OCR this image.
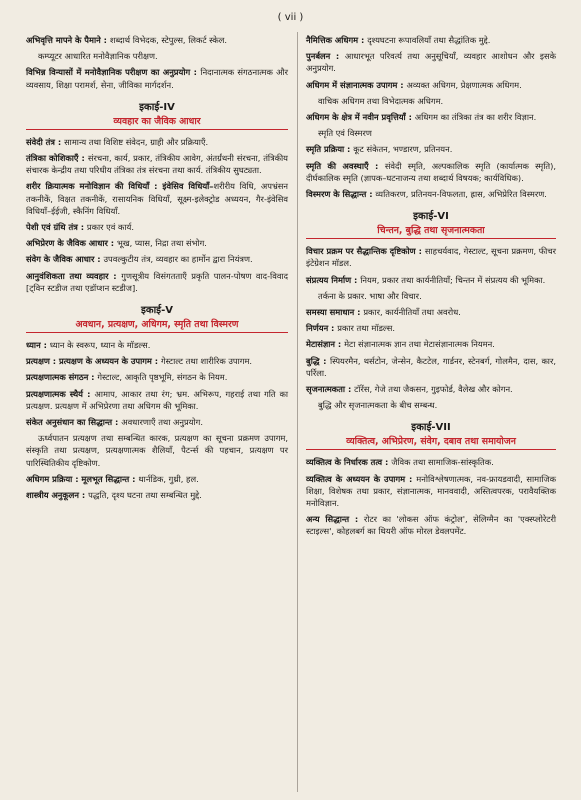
( vii )
अभिवृत्ति मापने के पैमाने : शब्दार्थ विभेदक, स्टेपुल्स, लिकर्ट स्केल.
कम्प्यूटर आधारित मनोवैज्ञानिक परीक्षण.
विभिन्न विन्यासों में मनोवैज्ञानिक परीक्षण का अनुप्रयोग : निदानात्मक संगठनात्मक और व्यवसाय, शिक्षा परामर्श, सेना, जीविका मार्गदर्शन.
इकाई-IV
व्यवहार का जैविक आधार
संवेदी तंत्र : सामान्य तथा विशिष्ट संवेदन, ग्राही और प्रक्रियाएँ.
तंत्रिका कोशिकाएँ : संरचना, कार्य, प्रकार, तंत्रिकीय आवेग, अंतर्ग्रंथनी संरचना, तंत्रिकीय संचारक केन्द्रीय तथा परिधीय तंत्रिका तंत्र संरचना तथा कार्य. तंत्रिकीय सुघट्यता.
शरीर क्रियात्मक मनोविज्ञान की विधियाँ : इंवेसिव विधियाँ–शरीरीय विधि, अपभ्रंसन तकनीकें, विक्षत तकनीकें, रासायनिक विधियाँ, सूक्ष्म-इलेक्ट्रोड अध्ययन, गैर-इंवेसिव विधियाँ–ईईजी, स्कैनिंग विधियाँ.
पेशी एवं ग्रंथि तंत्र : प्रकार एवं कार्य.
अभिप्रेरण के जैविक आधार : भूख, प्यास, निद्रा तथा संभोग.
संवेग के जैविक आधार : उपवल्कुटीय तंत्र, व्यवहार का हार्मोन द्वारा नियंत्रण.
आनुवंशिकता तथा व्यवहार : गुणसूत्रीय विसंगतताएँ प्रकृति पालन-पोषण वाद-विवाद [ट्विन स्टडीज तथा एडॉप्शन स्टडीज].
इकाई-V
अवधान, प्रत्यक्षण, अधिगम, स्मृति तथा विस्मरण
ध्यान : ध्यान के स्वरूप, ध्यान के मॉडल्स.
प्रत्यक्षण : प्रत्यक्षण के अध्ययन के उपागम : गेस्टाल्ट तथा शारीरिक उपागम.
प्रत्यक्षणात्मक संगठन : गेस्टाल्ट, आकृति पृष्ठभूमि, संगठन के नियम.
प्रत्यक्षणात्मक स्थैर्य : आमाप, आकार तथा रंग; भ्रम. अभिरूप, गहराई तथा गति का प्रत्यक्षण. प्रत्यक्षण में अभिप्रेरणा तथा अधिगम की भूमिका.
संकेत अनुसंधान का सिद्धान्त : अवधारणाएँ तथा अनुप्रयोग.
ऊर्ध्वपातन प्रत्यक्षण तथा सम्बन्धित कारक, प्रत्यक्षण का सूचना प्रक्रमण उपागम, संस्कृति तथा प्रत्यक्षण, प्रत्यक्षणात्मक शैलियाँ, पैटर्न्स की पहचान, प्रत्यक्षण पर पारिस्थितिकीय दृष्टिकोण.
अधिगम प्रक्रिया : मूलभूत सिद्धान्त : थार्नडिक, गुथ्री, हल.
शास्त्रीय अनुकूलन : पद्धति, दृश्य घटना तथा सम्बन्धित मुद्दे.
नैमित्तिक अधिगम : दृश्यघटना रूपावलियाँ तथा सैद्धांतिक मुद्दे.
पुनर्बलन : आधारभूत परिवर्त्य तथा अनुसूचियाँ, व्यवहार आशोधन और इसके अनुप्रयोग.
अधिगम में संज्ञानात्मक उपागम : अव्यक्त अधिगम, प्रेक्षणात्मक अधिगम.
वाचिक अधिगम तथा विभेदात्मक अधिगम.
अधिगम के क्षेत्र में नवीन प्रवृत्तियाँ : अधिगम का तंत्रिका तंत्र का शरीर विज्ञान.
स्मृति एवं विस्मरण
स्मृति प्रक्रिया : कूट संकेतन, भण्डारण, प्रतिनयन.
स्मृति की अवस्थाएँ : संवेदी स्मृति, अल्पकालिक स्मृति (कार्यात्मक स्मृति), दीर्घकालिक स्मृति (ज्ञापक–घटनाजन्य तथा शब्दार्थ विषयक; कार्यविधिक).
विस्मरण के सिद्धान्त : व्यतिकरण, प्रतिनयन-विफलता, ह्रास, अभिप्रेरित विस्मरण.
इकाई-VI
चिन्तन, बुद्धि तथा सृजनात्मकता
विचार प्रक्रम पर सैद्धान्तिक दृष्टिकोण : साहचर्यवाद, गेस्टाल्ट, सूचना प्रक्रमण, फीचर इंटेग्रेशन मॉडल.
संप्रत्यय निर्माण : नियम, प्रकार तथा कार्यनीतियाँ; चिन्तन में संप्रत्यय की भूमिका.
तर्कना के प्रकार. भाषा और विचार.
समस्या समाधान : प्रकार, कार्यनीतियाँ तथा अवरोध.
निर्णयन : प्रकार तथा मॉडल्स.
मेटासंज्ञान : मेटा संज्ञानात्मक ज्ञान तथा मेटासंज्ञानात्मक नियमन.
बुद्धि : स्पियरमैन, थर्सटोन, जेन्सेन, कैटटेल, गार्डनर, स्टेनबर्ग, गोलमैन, दास, कार, पर्रिला.
सृजनात्मकता : टॉरेंस, गेजे तथा जैकसन, गुइफोर्ड, वैलेख और कोगन.
बुद्धि और सृजनात्मकता के बीच सम्बन्ध.
इकाई-VII
व्यक्तित्व, अभिप्रेरण, संवेग, दबाव तथा समायोजन
व्यक्तित्व के निर्धारक तत्व : जैविक तथा सामाजिक-सांस्कृतिक.
व्यक्तित्व के अध्ययन के उपागम : मनोविश्लेषणात्मक, नव-फ्रायडवादी, सामाजिक शिक्षा, विशेषक तथा प्रकार, संज्ञानात्मक, मानववादी, अस्तित्वपरक, परावैयक्तिक मनोविज्ञान.
अन्य सिद्धान्त : रोटर का 'लोकस ऑफ कंट्रोल', सेलिग्मैन का 'एक्स्प्लोरेटरी स्टाइल्स', कोहलबर्ग का थियरी ऑफ मोरल डेवलपमेंट.
